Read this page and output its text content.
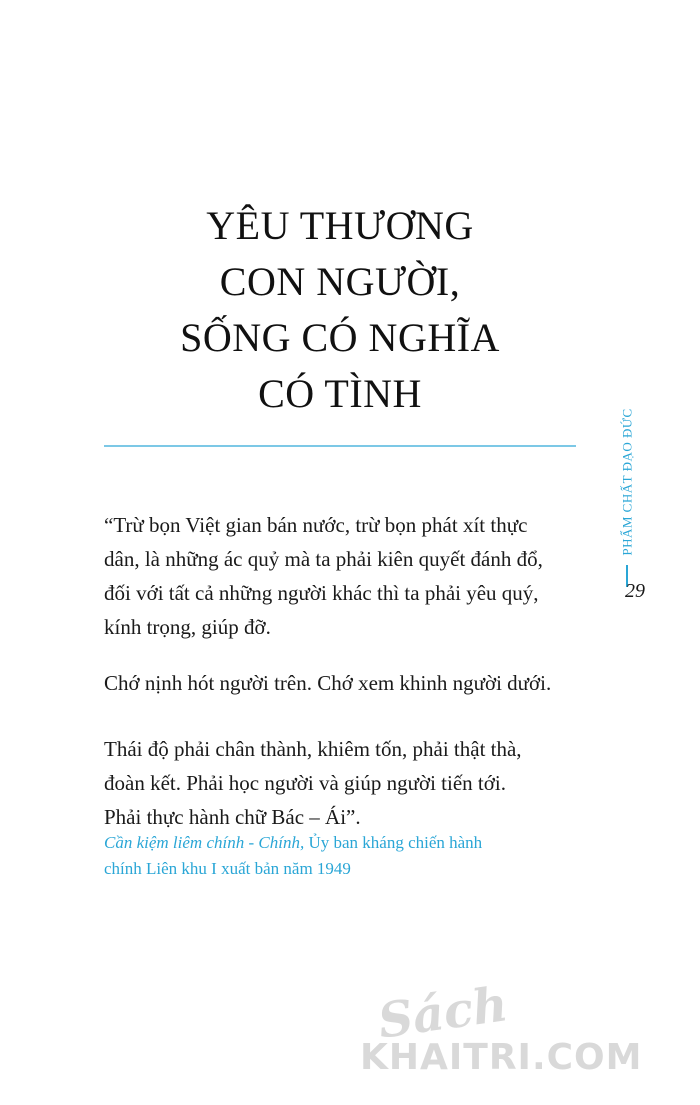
YÊU THƯƠNG
CON NGƯỜI,
SỐNG CÓ NGHĨA
CÓ TÌNH
“Trừ bọn Việt gian bán nước, trừ bọn phát xít thực
dân, là những ác quỷ mà ta phải kiên quyết đánh đổ,
đối với tất cả những người khác thì ta phải yêu quý,
kính trọng, giúp đỡ.
Chớ nịnh hót người trên. Chớ xem khinh người dưới.
Thái độ phải chân thành, khiêm tốn, phải thật thà,
đoàn kết. Phải học người và giúp người tiến tới.
Phải thực hành chữ Bác – Ái”.
Cần kiệm liêm chính - Chính, Ủy ban kháng chiến hành
chính Liên khu I xuất bản năm 1949
PHẨM CHẤT ĐẠO ĐỨC
29
Sách
KHAITRI.COM
